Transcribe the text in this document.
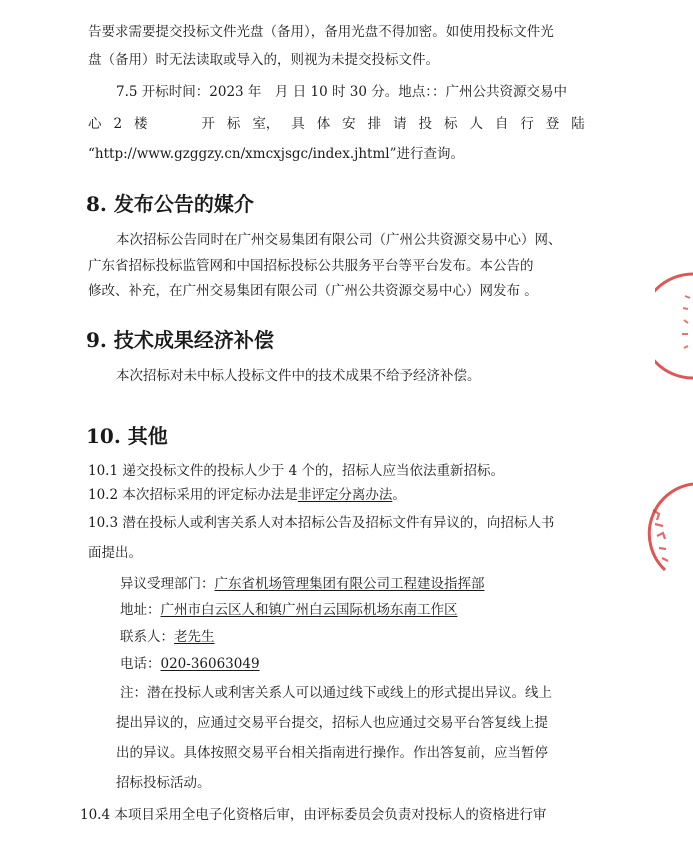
告要求需要提交投标文件光盘（备用），备用光盘不得加密。如使用投标文件光
盘（备用）时无法读取或导入的，则视为未提交投标文件。
7.5 开标时间：2023 年　月 日 10 时 30 分。地点：：广州公共资源交易中
心 2 楼	开 标 室， 具 体 安 排 请 投 标 人 自 行 登 陆
“http://www.gzggzy.cn/xmcxjsgc/index.jhtml”进行查询。
8. 发布公告的媒介
本次招标公告同时在广州交易集团有限公司（广州公共资源交易中心）网、
广东省招标投标监管网和中国招标投标公共服务平台等平台发布。本公告的
修改、补充，在广州交易集团有限公司（广州公共资源交易中心）网发布 。
9. 技术成果经济补偿
本次招标对未中标人投标文件中的技术成果不给予经济补偿。
10. 其他
10.1 递交投标文件的投标人少于 4 个的，招标人应当依法重新招标。
10.2 本次招标采用的评定标办法是非评定分离办法。
10.3 潜在投标人或利害关系人对本招标公告及招标文件有异议的，向招标人书
面提出。
异议受理部门：广东省机场管理集团有限公司工程建设指挥部
地址：广州市白云区人和镇广州白云国际机场东南工作区
联系人：老先生
电话：020-36063049
注：潜在投标人或利害关系人可以通过线下或线上的形式提出异议。线上
提出异议的，应通过交易平台提交，招标人也应通过交易平台答复线上提
出的异议。具体按照交易平台相关指南进行操作。作出答复前，应当暂停
招标投标活动。
10.4 本项目采用全电子化资格后审，由评标委员会负责对投标人的资格进行审
